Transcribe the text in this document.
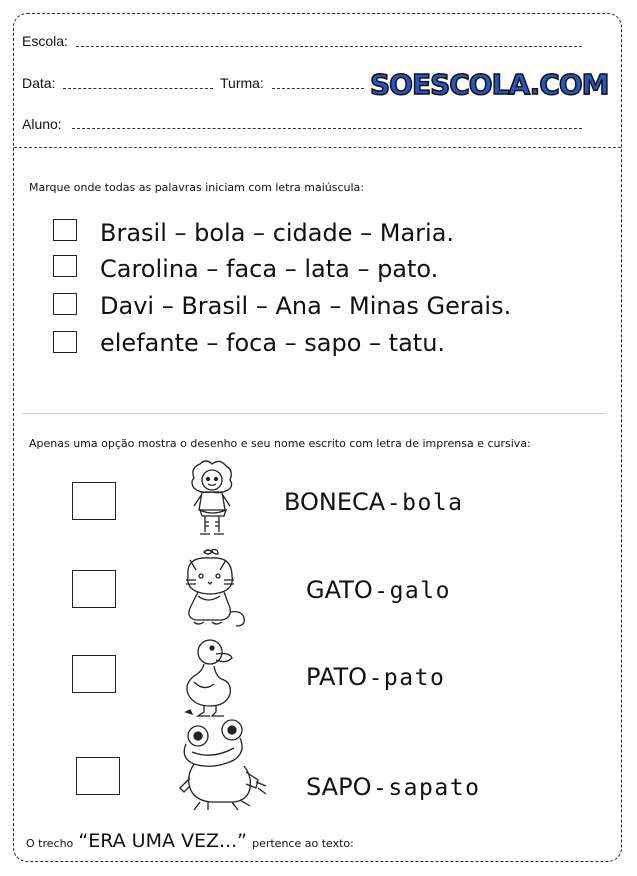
Escola:
Data:	Turma:	SOESCOLA.COM
Aluno:
Marque onde todas as palavras iniciam com letra maiúscula:
Brasil – bola – cidade – Maria.
Carolina – faca – lata – pato.
Davi – Brasil – Ana – Minas Gerais.
elefante – foca – sapo – tatu.
Apenas uma opção mostra o desenho e seu nome escrito com letra de imprensa e cursiva:
BONECA - bola
GATO - galo
PATO - pato
SAPO - sapato
O trecho “ERA UMA VEZ...” pertence ao texto:
